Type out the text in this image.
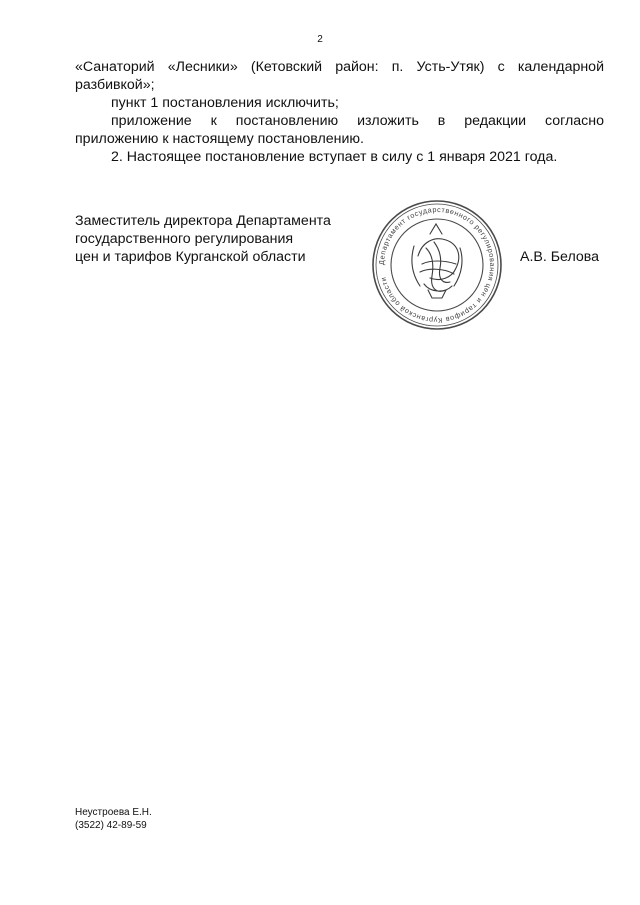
2
«Санаторий «Лесники» (Кетовский район: п. Усть-Утяк) с календарной
разбивкой»;
пункт 1 постановления исключить;
приложение к постановлению изложить в редакции согласно
приложению к настоящему постановлению.
2. Настоящее постановление вступает в силу с 1 января 2021 года.
Заместитель директора Департамента
государственного регулирования
цен и тарифов Курганской области	Департамент государственного регулирования цен и тарифов Курганской области
А.В. Белова
Неустроева Е.Н.
(3522) 42-89-59
